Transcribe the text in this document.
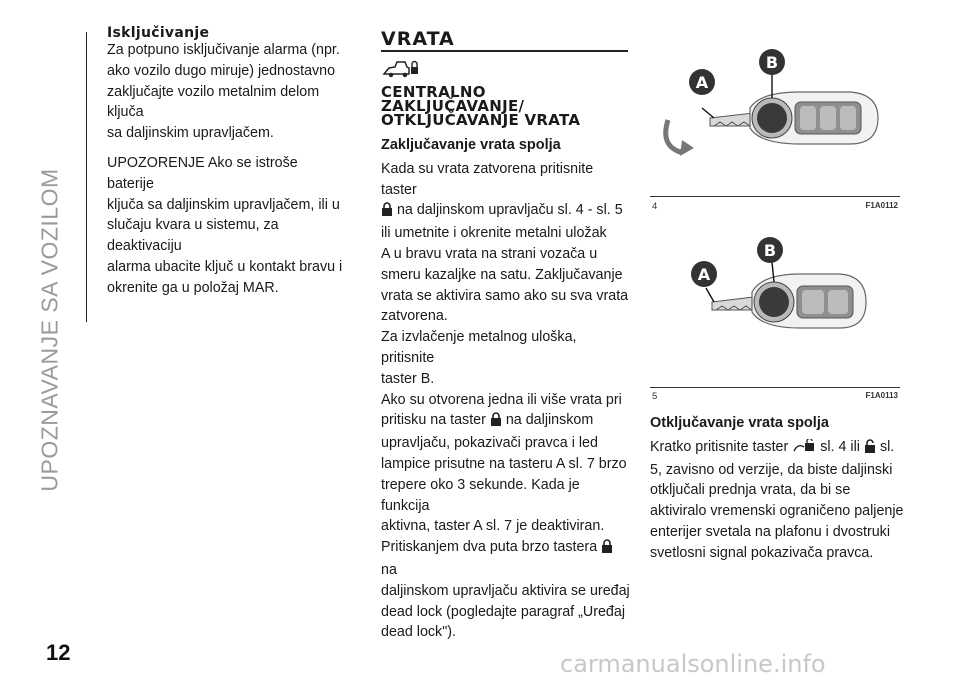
UPOZNAVANJE SA VOZILOM
12	carmanualsonline.info

Isključivanje

Za potpuno isključivanje alarma (npr.

ako vozilo dugo miruje) jednostavno

zaključajte vozilo metalnim delom ključa

sa daljinskim upravljačem.

UPOZORENJE Ako se istroše baterije

ključa sa daljinskim upravljačem, ili u

slučaju kvara u sistemu, za deaktivaciju

alarma ubacite ključ u kontakt bravu i

okrenite ga u položaj MAR.

VRATA

CENTRALNO

ZAKLJUČAVANJE/

OTKLJUČAVANJE VRATA

Zaključavanje vrata spolja

Kada su vrata zatvorena pritisnite taster

na daljinskom upravljaču sl. 4 - sl. 5

ili umetnite i okrenite metalni uložak

A u bravu vrata na strani vozača u

smeru kazaljke na satu. Zaključavanje

vrata se aktivira samo ako su sva vrata

zatvorena.

Za izvlačenje metalnog uloška, pritisnite

taster B.

Ako su otvorena jedna ili više vrata pri

pritisku na taster na daljinskom

upravljaču, pokazivači pravca i led

lampice prisutne na tasteru A sl. 7 brzo

trepere oko 3 sekunde. Kada je funkcija

aktivna, taster A sl. 7 je deaktiviran.

Pritiskanjem dva puta brzo tastera  na

daljinskom upravljaču aktivira se uređaj

dead lock (pogledajte paragraf „Uređaj

dead lock").

A
B
4	F1A0112
A
B
5	F1A0113

Otključavanje vrata spolja

Kratko pritisnite taster sl. 4 ili sl.

5, zavisno od verzije, da biste daljinski

otključali prednja vrata, da bi se

aktiviralo vremenski ograničeno paljenje

enterijer svetala na plafonu i dvostruki

svetlosni signal pokazivača pravca.
